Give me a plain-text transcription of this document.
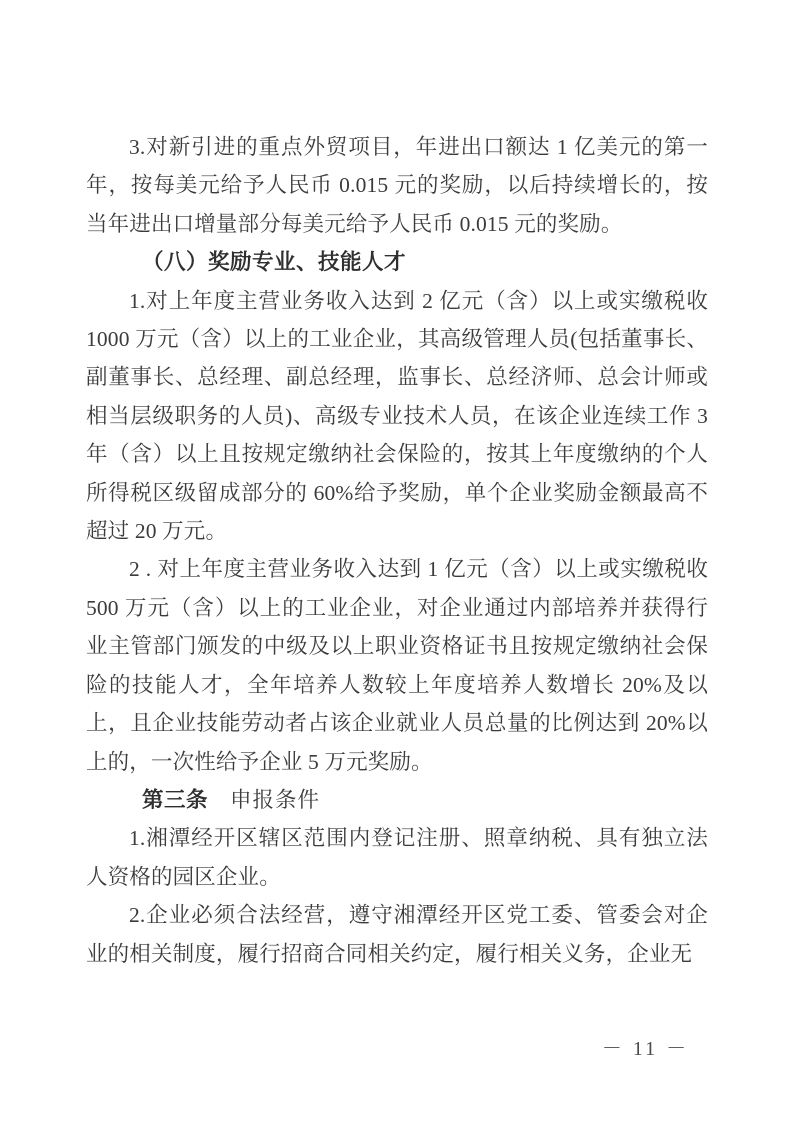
3.对新引进的重点外贸项目，年进出口额达 1 亿美元的第一年，按每美元给予人民币 0.015 元的奖励，以后持续增长的，按当年进出口增量部分每美元给予人民币 0.015 元的奖励。

（八）奖励专业、技能人才

1.对上年度主营业务收入达到 2 亿元（含）以上或实缴税收 1000 万元（含）以上的工业企业，其高级管理人员(包括董事长、副董事长、总经理、副总经理，监事长、总经济师、总会计师或相当层级职务的人员)、高级专业技术人员，在该企业连续工作 3 年（含）以上且按规定缴纳社会保险的，按其上年度缴纳的个人所得税区级留成部分的 60%给予奖励，单个企业奖励金额最高不超过 20 万元。

2.对上年度主营业务收入达到 1 亿元（含）以上或实缴税收 500 万元（含）以上的工业企业，对企业通过内部培养并获得行业主管部门颁发的中级及以上职业资格证书且按规定缴纳社会保险的技能人才，全年培养人数较上年度培养人数增长 20%及以上，且企业技能劳动者占该企业就业人员总量的比例达到 20%以上的，一次性给予企业 5 万元奖励。

第三条 申报条件

1.湘潭经开区辖区范围内登记注册、照章纳税、具有独立法人资格的园区企业。

2.企业必须合法经营，遵守湘潭经开区党工委、管委会对企业的相关制度，履行招商合同相关约定，履行相关义务，企业无

－ 11 －
